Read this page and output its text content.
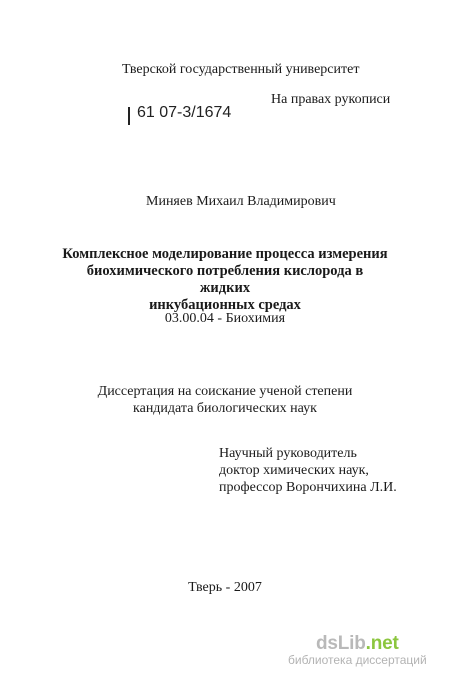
Тверской государственный университет
На правах рукописи
61 07-3/1674
Миняев Михаил Владимирович
Комплексное моделирование процесса измерения
биохимического потребления кислорода в жидких
инкубационных средах
03.00.04 - Биохимия
Диссертация на соискание ученой степени
кандидата биологических наук
Научный руководитель
доктор химических наук,
профессор Ворончихина Л.И.
Тверь - 2007
dsLib.net
библиотека диссертаций
